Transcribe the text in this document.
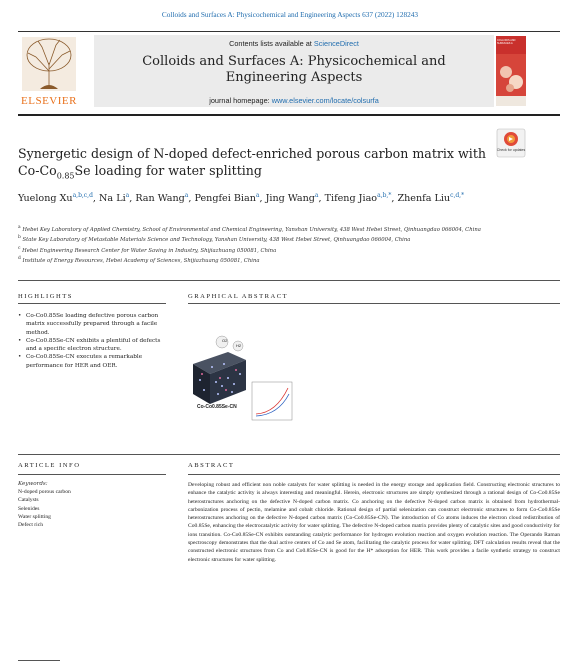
Colloids and Surfaces A: Physicochemical and Engineering Aspects 637 (2022) 128243
ELSEVIER
Contents lists available at ScienceDirect
Colloids and Surfaces A: Physicochemical and
Engineering Aspects
journal homepage: www.elsevier.com/locate/colsurfa
COLLOIDS AND SURFACES A
Synergetic design of N-doped defect-enriched porous carbon matrix with
$Co-Co_{0.85}Se$ loading for water splitting
Check for updates
Yuelong Xu$^{a,b,c,d}$, Na Li$^a$, Ran Wang$^a$, Pengfei Bian$^a$, Jing Wang$^a$, Tifeng Jiao$^{a,b,*}$, Zhenfa Liu$^{c,d,*}$
$^a$ Hebei Key Laboratory of Applied Chemistry, School of Environmental and Chemical Engineering, Yanshan University, 438 West Hebei Street, Qinhuangdao 066004, China
$^b$ State Key Laboratory of Metastable Materials Science and Technology, Yanshan University, 438 West Hebei Street, Qinhuangdao 066004, China
$^c$ Hebei Engineering Research Center for Water Saving in Industry, Shijiazhuang 050081, China
$^d$ Institute of Energy Resources, Hebei Academy of Sciences, Shijiazhuang 050081, China
HIGHLIGHTS
• Co-Co0.85Se loading defective porous carbon matrix successfully prepared through a facile method.
• Co-Co0.85Se-CN exhibits a plentiful of defects and a specific electron structure.
• Co-Co0.85Se-CN executes a remarkable performance for HER and OER.
GRAPHICAL ABSTRACT
O2
H2
Co-Co0.85Se-CN
ARTICLE INFO
Keywords:
N-doped porous carbon
Catalysts
Selenides
Water splitting
Defect rich
ABSTRACT
Developing robust and efficient non noble catalysts for water splitting is needed in the energy storage and application field. Constructing electronic structures to enhance the catalytic activity is always interesting and meaningful. Herein, electronic structures are simply synthesized through a rational design of Co-Co0.85Se heterostructures anchoring on the defective N-doped carbon matrix. Co anchoring on the defective N-doped carbon matrix is obtained from hydrothermal-carbonization process of pectin, melamine and cobalt chloride. Rational design of partial selenization can construct electronic structures to form Co-Co0.85Se heterostructures anchoring on the defective N-doped carbon matrix (Co-Co0.85Se-CN). The introduction of Co atoms induces the electron cloud redistribution of Co0.85Se, enhancing the electrocatalytic activity for water splitting. The defective N-doped carbon matrix provides plenty of catalytic sites and good conductivity for ions transition. Co-Co0.85Se-CN exhibits outstanding catalytic performance for hydrogen evolution reaction and oxygen evolution reaction. The Operando Raman spectroscopy demonstrates that the dual active centers of Co and Se atom, facilitating the catalytic process for water splitting. DFT calculation results reveal that the constructed electronic structures from Co and Co0.85Se-CN is good for the H* adsorption for HER. This work provides a facile synthetic strategy to construct electronic structures for water splitting.
